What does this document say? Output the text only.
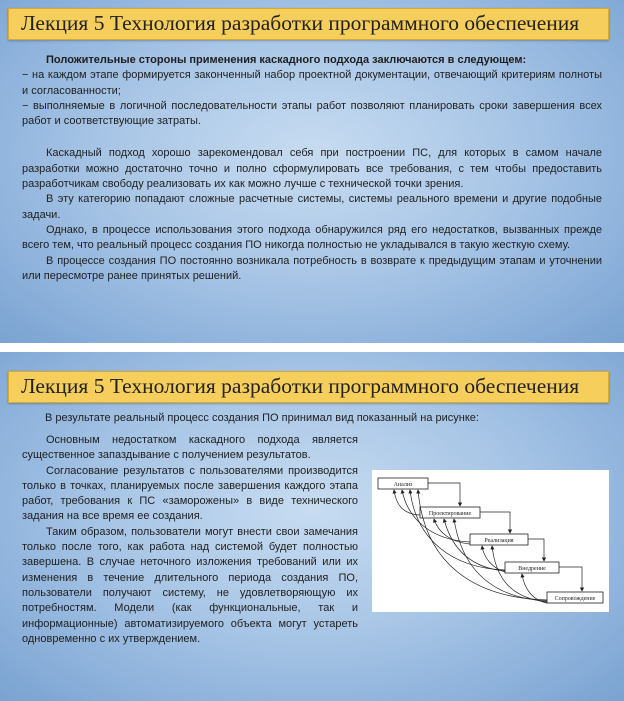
Лекция 5 Технология разработки программного обеспечения

Положительные стороны применения каскадного подхода заключаются в следующем:

− на каждом этапе формируется законченный набор проектной документации, отвечающий критериям полноты и согласованности;

− выполняемые в логичной последовательности этапы работ позволяют планировать сроки завершения всех работ и соответствующие затраты.

Каскадный подход хорошо зарекомендовал себя при построении ПС, для которых в самом начале разработки можно достаточно точно и полно сформулировать все требования, с тем чтобы предоставить разработчикам свободу реализовать их как можно лучше с технической точки зрения.

В эту категорию попадают сложные расчетные системы, системы реального времени и другие подобные задачи.

Однако, в процессе использования этого подхода обнаружился ряд его недостатков, вызванных прежде всего тем, что реальный процесс создания ПО никогда полностью не укладывался в такую жесткую схему.

В процессе создания ПО постоянно возникала потребность в возврате к предыдущим этапам и уточнении или пересмотре ранее принятых решений.

Лекция 5 Технология разработки программного обеспечения
В результате реальный процесс создания ПО принимал вид показанный на рисунке:

Основным недостатком каскадного подхода является существенное запаздывание с получением результатов.

Согласование результатов с пользователями производится только в точках, планируемых после завершения каждого этапа работ, требования к ПС «заморожены» в виде технического задания на все время ее создания.

Таким образом, пользователи могут внести свои замечания только после того, как работа над системой будет полностью завершена. В случае неточного изложения требований или их изменения в течение длительного периода создания ПО, пользователи получают систему, не удовлетворяющую их потребностям. Модели (как функциональные, так и информационные) автоматизируемого объекта могут устареть одновременно с их утверждением.

Анализ
Проектирование
Реализация
Внедрение
Сопровождение
